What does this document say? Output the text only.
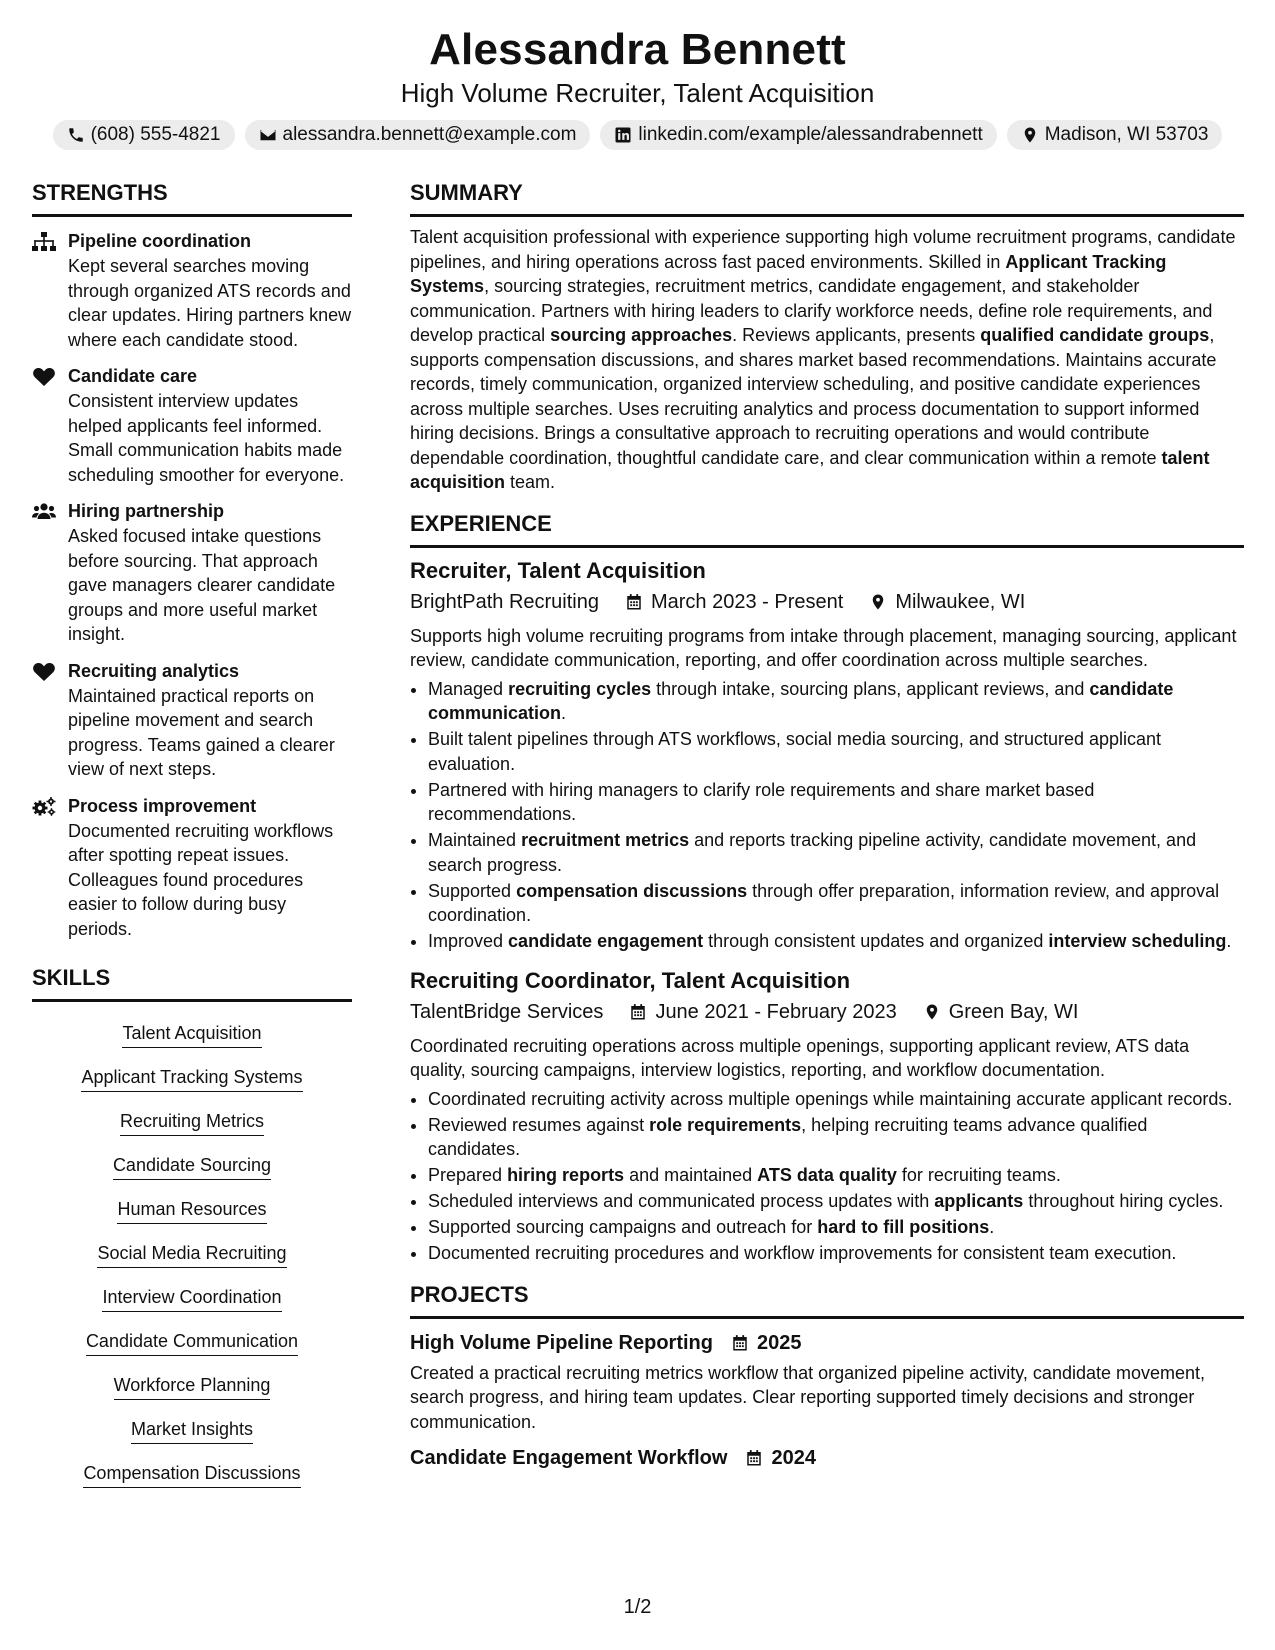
Alessandra Bennett

High Volume Recruiter, Talent Acquisition

(608) 555-4821	alessandra.bennett@example.com	linkedin.com/example/alessandrabennett	Madison, WI 53703
STRENGTHS
Pipeline coordination
Kept several searches moving through organized ATS records and clear updates. Hiring partners knew where each candidate stood.
Candidate care
Consistent interview updates helped applicants feel informed. Small communication habits made scheduling smoother for everyone.
Hiring partnership
Asked focused intake questions before sourcing. That approach gave managers clearer candidate groups and more useful market insight.
Recruiting analytics
Maintained practical reports on pipeline movement and search progress. Teams gained a clearer view of next steps.
Process improvement
Documented recruiting workflows after spotting repeat issues. Colleagues found procedures easier to follow during busy periods.
SKILLS
Talent Acquisition
Applicant Tracking Systems
Recruiting Metrics
Candidate Sourcing
Human Resources
Social Media Recruiting
Interview Coordination
Candidate Communication
Workforce Planning
Market Insights
Compensation Discussions
SUMMARY

Talent acquisition professional with experience supporting high volume recruitment programs, candidate pipelines, and hiring operations across fast paced environments. Skilled in Applicant Tracking Systems, sourcing strategies, recruitment metrics, candidate engagement, and stakeholder communication. Partners with hiring leaders to clarify workforce needs, define role requirements, and develop practical sourcing approaches. Reviews applicants, presents qualified candidate groups, supports compensation discussions, and shares market based recommendations. Maintains accurate records, timely communication, organized interview scheduling, and positive candidate experiences across multiple searches. Uses recruiting analytics and process documentation to support informed hiring decisions. Brings a consultative approach to recruiting operations and would contribute dependable coordination, thoughtful candidate care, and clear communication within a remote talent acquisition team.

EXPERIENCE
Recruiter, Talent Acquisition
BrightPath Recruiting	March 2023 - Present	Milwaukee, WI

Supports high volume recruiting programs from intake through placement, managing sourcing, applicant review, candidate communication, reporting, and offer coordination across multiple searches.

• Managed recruiting cycles through intake, sourcing plans, applicant reviews, and candidate communication.
• Built talent pipelines through ATS workflows, social media sourcing, and structured applicant evaluation.
• Partnered with hiring managers to clarify role requirements and share market based recommendations.
• Maintained recruitment metrics and reports tracking pipeline activity, candidate movement, and search progress.
• Supported compensation discussions through offer preparation, information review, and approval coordination.
• Improved candidate engagement through consistent updates and organized interview scheduling.
Recruiting Coordinator, Talent Acquisition
TalentBridge Services	June 2021 - February 2023	Green Bay, WI

Coordinated recruiting operations across multiple openings, supporting applicant review, ATS data quality, sourcing campaigns, interview logistics, reporting, and workflow documentation.

• Coordinated recruiting activity across multiple openings while maintaining accurate applicant records.
• Reviewed resumes against role requirements, helping recruiting teams advance qualified candidates.
• Prepared hiring reports and maintained ATS data quality for recruiting teams.
• Scheduled interviews and communicated process updates with applicants throughout hiring cycles.
• Supported sourcing campaigns and outreach for hard to fill positions.
• Documented recruiting procedures and workflow improvements for consistent team execution.
PROJECTS
High Volume Pipeline Reporting 2025

Created a practical recruiting metrics workflow that organized pipeline activity, candidate movement, search progress, and hiring team updates. Clear reporting supported timely decisions and stronger communication.

Candidate Engagement Workflow 2024
1/2
